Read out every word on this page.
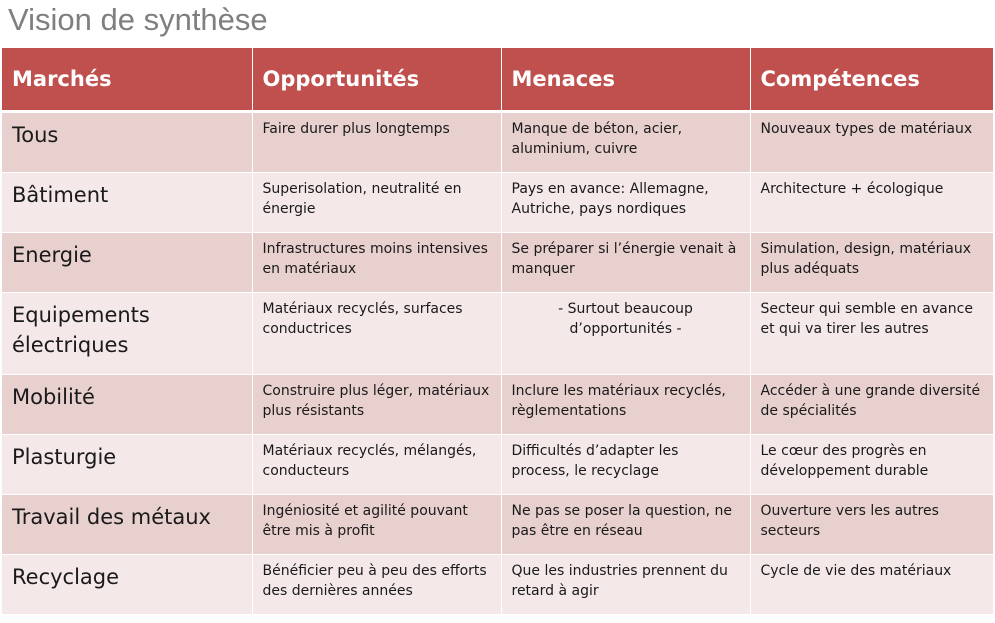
Vision de synthèse
Marchés	Opportunités	Menaces	Compétences
Tous	Faire durer plus longtemps	Manque de béton, acier, aluminium, cuivre	Nouveaux types de matériaux
Bâtiment	Superisolation, neutralité en énergie	Pays en avance: Allemagne, Autriche, pays nordiques	Architecture + écologique
Energie	Infrastructures moins intensives en matériaux	Se préparer si l’énergie venait à manquer	Simulation, design, matériaux plus adéquats
Equipements électriques	Matériaux recyclés, surfaces conductrices	- Surtout beaucoup d’opportunités -	Secteur qui semble en avance et qui va tirer les autres
Mobilité	Construire plus léger, matériaux plus résistants	Inclure les matériaux recyclés, règlementations	Accéder à une grande diversité de spécialités
Plasturgie	Matériaux recyclés, mélangés, conducteurs	Difficultés d’adapter les process, le recyclage	Le cœur des progrès en développement durable
Travail des métaux	Ingéniosité et agilité pouvant être mis à profit	Ne pas se poser la question, ne pas être en réseau	Ouverture vers les autres secteurs
Recyclage	Bénéficier peu à peu des efforts des dernières années	Que les industries prennent du retard à agir	Cycle de vie des matériaux
